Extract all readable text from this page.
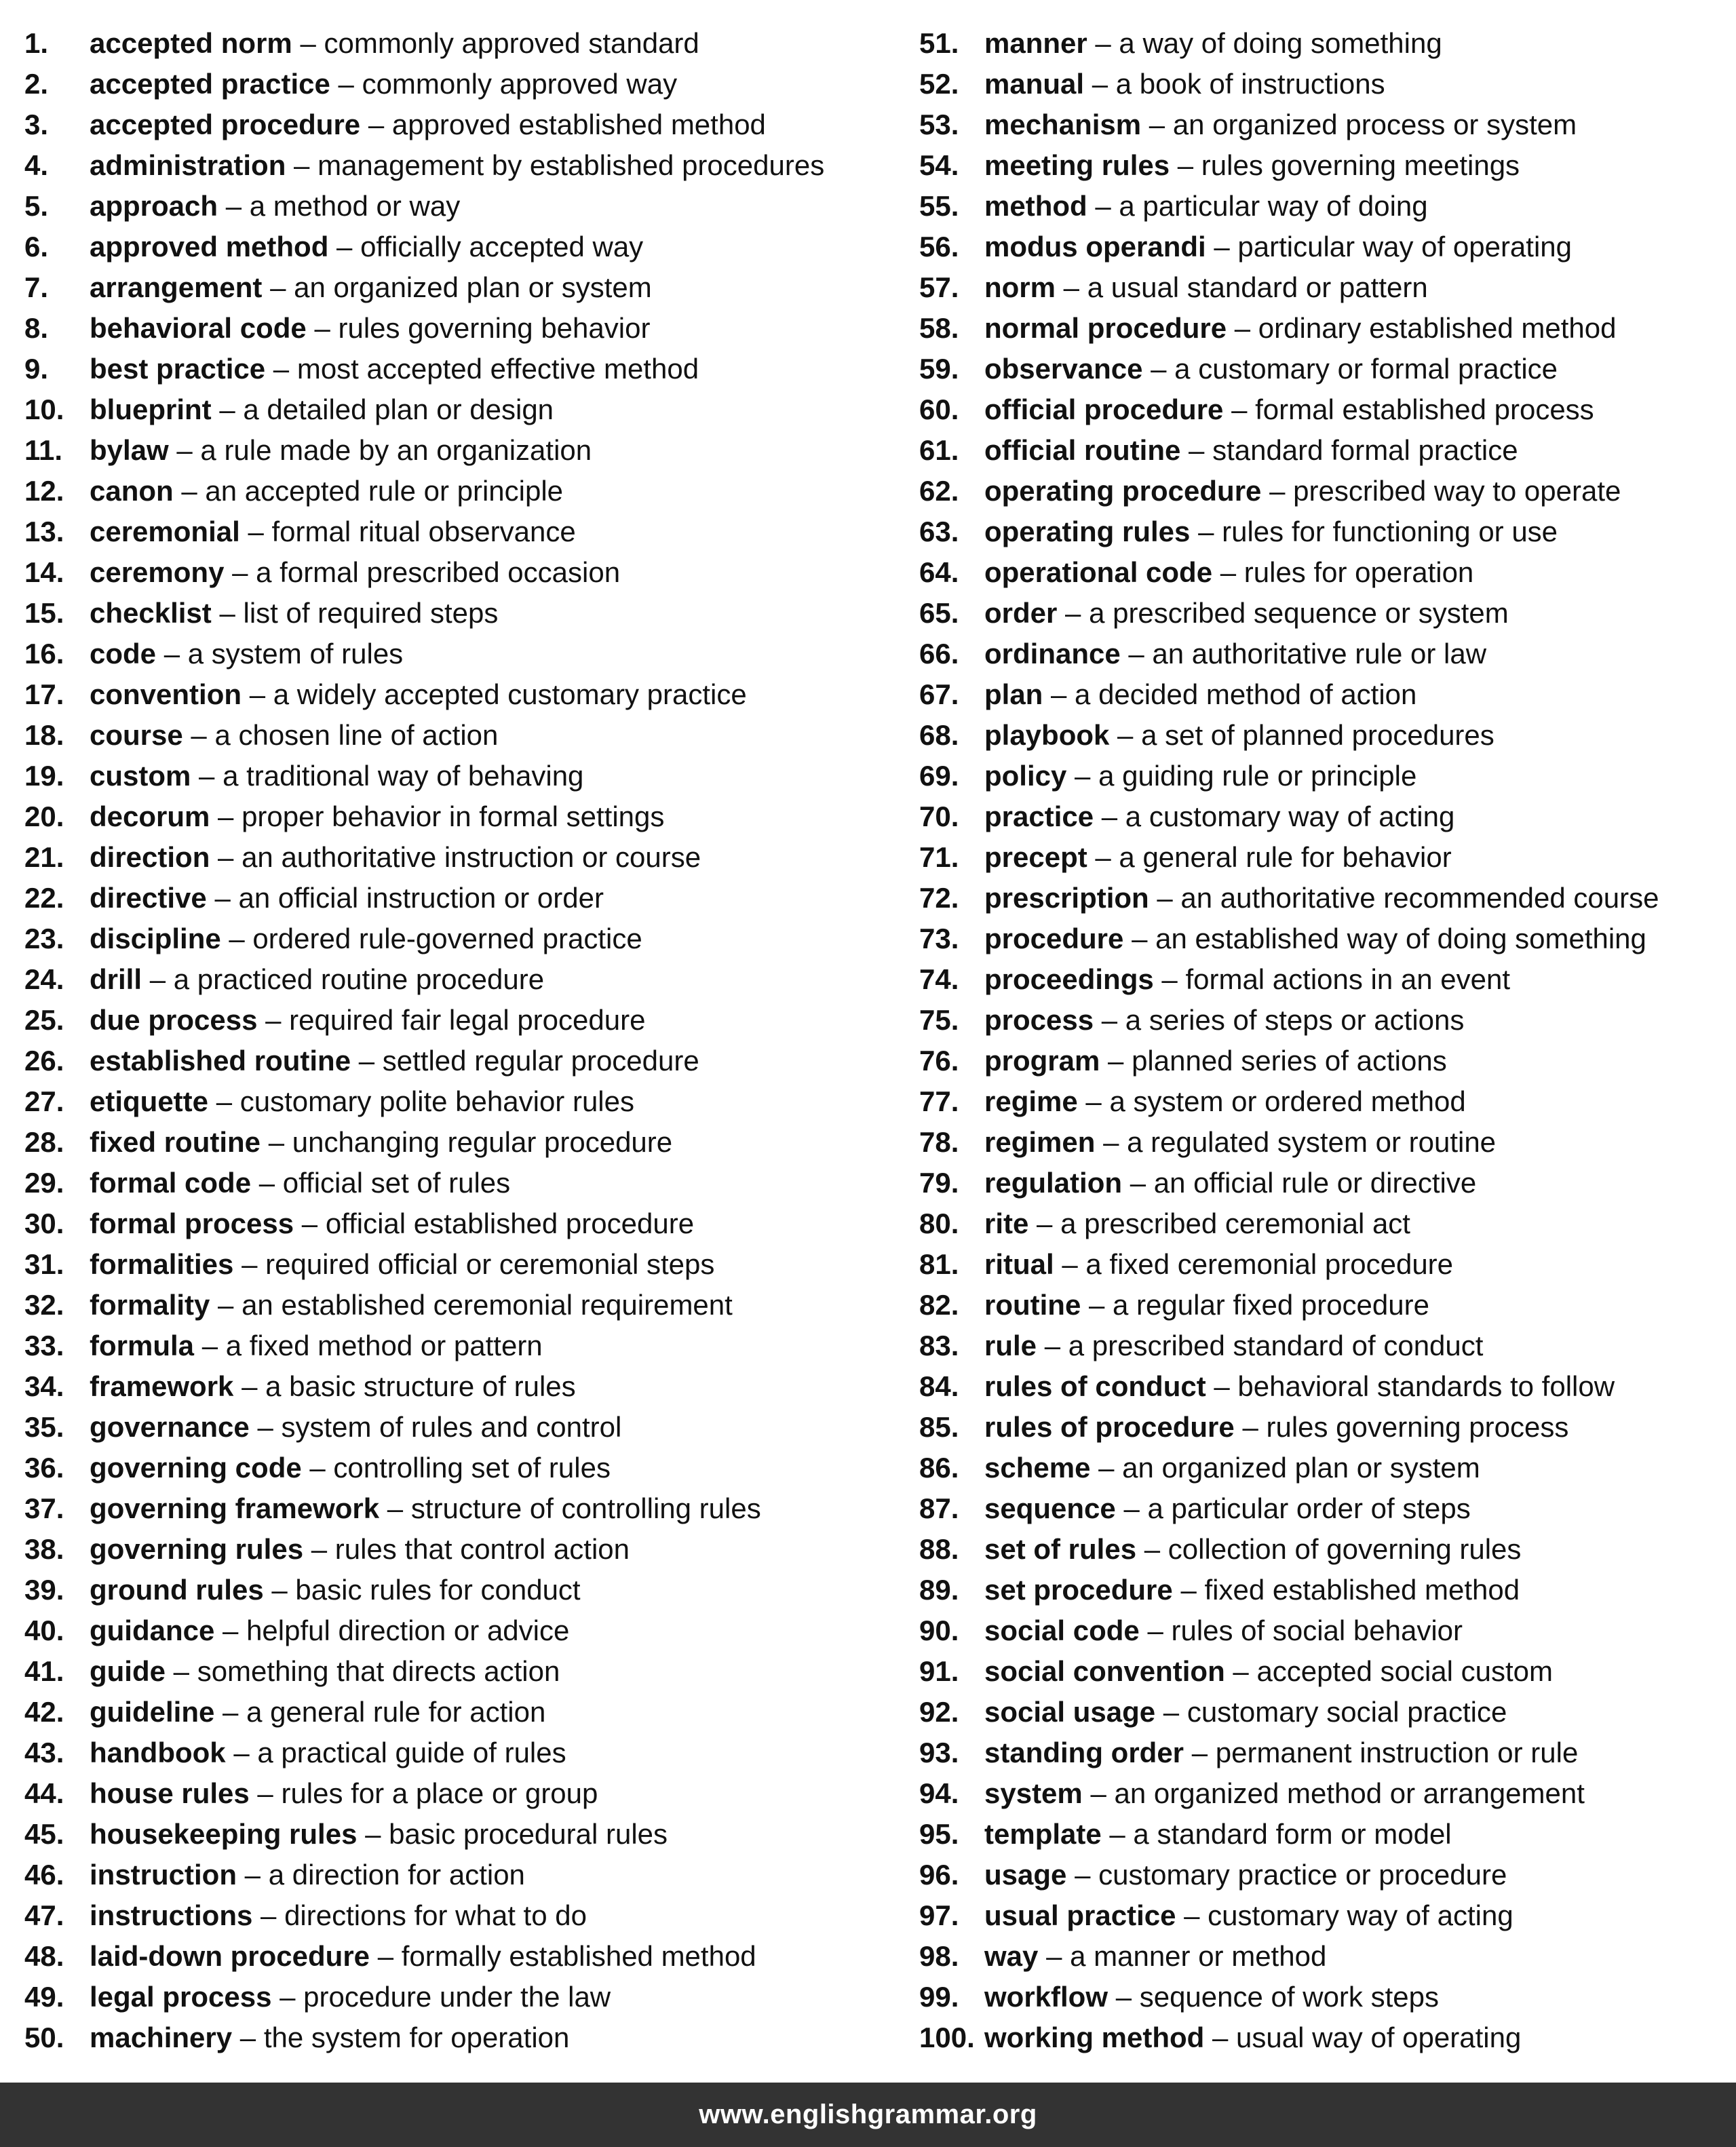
1.	accepted norm – commonly approved standard
2.	accepted practice – commonly approved way
3.	accepted procedure – approved established method
4.	administration – management by established procedures
5.	approach – a method or way
6.	approved method – officially accepted way
7.	arrangement – an organized plan or system
8.	behavioral code – rules governing behavior
9.	best practice – most accepted effective method
10. blueprint – a detailed plan or design
11. bylaw – a rule made by an organization
12. canon – an accepted rule or principle
13. ceremonial – formal ritual observance
14. ceremony – a formal prescribed occasion
15. checklist – list of required steps
16. code – a system of rules
17. convention – a widely accepted customary practice
18. course – a chosen line of action
19. custom – a traditional way of behaving
20. decorum – proper behavior in formal settings
21. direction – an authoritative instruction or course
22. directive – an official instruction or order
23. discipline – ordered rule-governed practice
24. drill – a practiced routine procedure
25. due process – required fair legal procedure
26. established routine – settled regular procedure
27. etiquette – customary polite behavior rules
28. fixed routine – unchanging regular procedure
29. formal code – official set of rules
30. formal process – official established procedure
31. formalities – required official or ceremonial steps
32. formality – an established ceremonial requirement
33. formula – a fixed method or pattern
34. framework – a basic structure of rules
35. governance – system of rules and control
36. governing code – controlling set of rules
37. governing framework – structure of controlling rules
38. governing rules – rules that control action
39. ground rules – basic rules for conduct
40. guidance – helpful direction or advice
41. guide – something that directs action
42. guideline – a general rule for action
43. handbook – a practical guide of rules
44. house rules – rules for a place or group
45. housekeeping rules – basic procedural rules
46. instruction – a direction for action
47. instructions – directions for what to do
48. laid-down procedure – formally established method
49. legal process – procedure under the law
50. machinery – the system for operation
51. manner – a way of doing something
52. manual – a book of instructions
53. mechanism – an organized process or system
54. meeting rules – rules governing meetings
55. method – a particular way of doing
56. modus operandi – particular way of operating
57. norm – a usual standard or pattern
58. normal procedure – ordinary established method
59. observance – a customary or formal practice
60. official procedure – formal established process
61. official routine – standard formal practice
62. operating procedure – prescribed way to operate
63. operating rules – rules for functioning or use
64. operational code – rules for operation
65. order – a prescribed sequence or system
66. ordinance – an authoritative rule or law
67. plan – a decided method of action
68. playbook – a set of planned procedures
69. policy – a guiding rule or principle
70. practice – a customary way of acting
71. precept – a general rule for behavior
72. prescription – an authoritative recommended course
73. procedure – an established way of doing something
74. proceedings – formal actions in an event
75. process – a series of steps or actions
76. program – planned series of actions
77. regime – a system or ordered method
78. regimen – a regulated system or routine
79. regulation – an official rule or directive
80. rite – a prescribed ceremonial act
81. ritual – a fixed ceremonial procedure
82. routine – a regular fixed procedure
83. rule – a prescribed standard of conduct
84. rules of conduct – behavioral standards to follow
85. rules of procedure – rules governing process
86. scheme – an organized plan or system
87. sequence – a particular order of steps
88. set of rules – collection of governing rules
89. set procedure – fixed established method
90. social code – rules of social behavior
91. social convention – accepted social custom
92. social usage – customary social practice
93. standing order – permanent instruction or rule
94. system – an organized method or arrangement
95. template – a standard form or model
96. usage – customary practice or procedure
97. usual practice – customary way of acting
98. way – a manner or method
99. workflow – sequence of work steps
100. working method – usual way of operating
www.englishgrammar.org
